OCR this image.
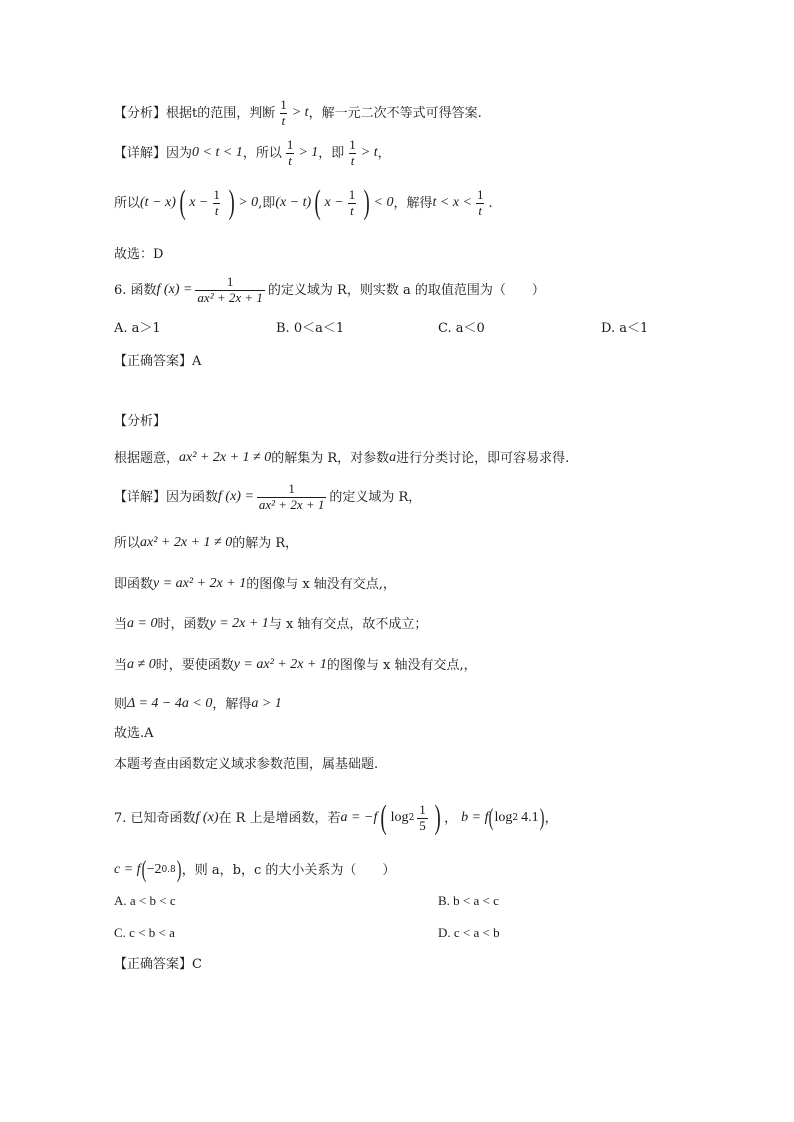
【分析】根据t的范围，判断 $\frac{1}{t} > t$ ，解一元二次不等式可得答案.
【详解】因为 0 < t < 1 ，所以 $\frac{1}{t} > 1$ ，即 $\frac{1}{t} > t$ ，
所以 (t − x) ( $x - \frac{1}{t}$ ) > 0 ,即 (x − t) ( $x - \frac{1}{t}$ ) < 0 ，解得 $t < x < \frac{1}{t}$ .
故选：D
6. 函数 f $(x) = \frac{1}{\text{ax² + 2x + 1}}$ 的定义域为 R，则实数 a 的取值范围为（　　）
A. a＞1	B. 0＜a＜1	C. a＜0	D. a＜1
【正确答案】A
【分析】
根据题意， ax² + 2x + 1 ≠ 0 的解集为 R，对参数 a 进行分类讨论，即可容易求得.
【详解】因为函数 f $(x) = \frac{1}{\text{ax² + 2x + 1}}$ 的定义域为 R，
所以 ax² + 2x + 1 ≠ 0 的解为 R，
即函数 y = ax² + 2x + 1 的图像与 x 轴没有交点,，
当 a = 0 时，函数 y = 2x + 1 与 x 轴有交点，故不成立；
当 a ≠ 0 时，要使函数 y = ax² + 2x + 1 的图像与 x 轴没有交点,，
则 Δ = 4 − 4a < 0 ，解得 a > 1
故选.A
本题考查由函数定义域求参数范围，属基础题.
7. 已知奇函数 f (x) 在 R 上是增函数，若 a = −f ( $\log 2 \frac{1}{5}$ ) ， b = f ( log 2 4.1 ) ，
c = f ( −2 0.8 ) ，则 a，b，c 的大小关系为（　　）
A. a < b < c	B. b < a < c
C. c < b < a	D. c < a < b
【正确答案】C
